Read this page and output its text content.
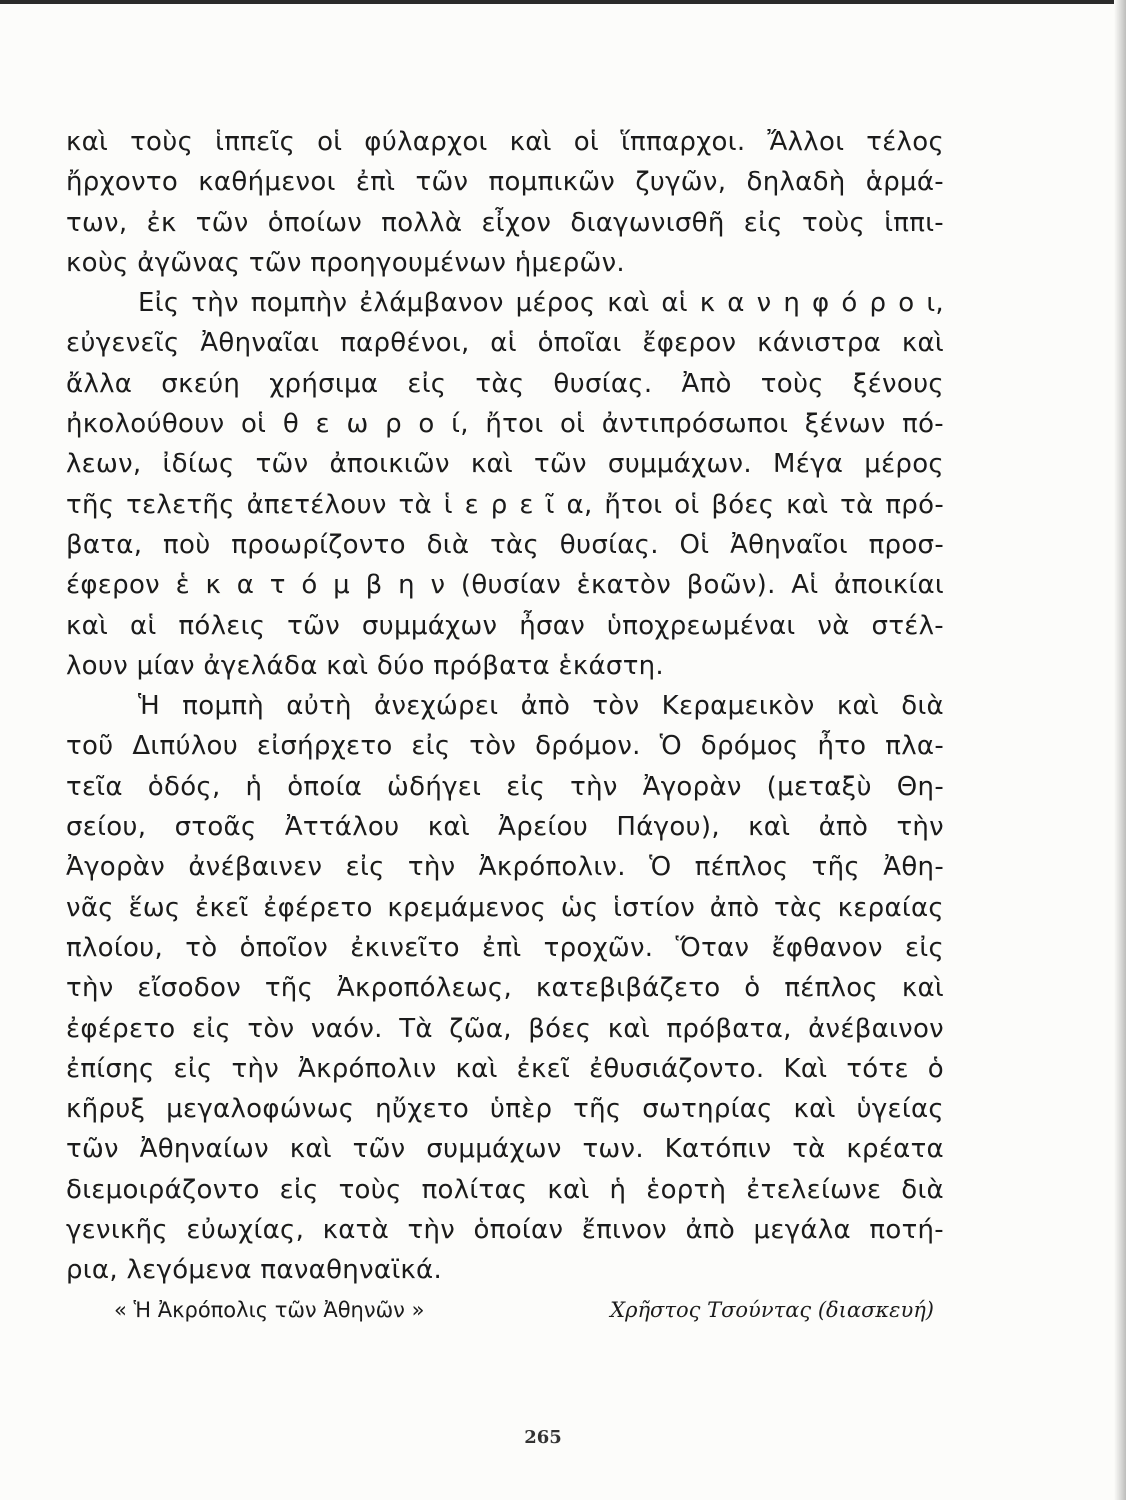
καὶ τοὺς ἱππεῖς οἱ φύλαρχοι καὶ οἱ ἵππαρχοι. Ἄλλοι τέλος
ἤρχοντο καθήμενοι ἐπὶ τῶν πομπικῶν ζυγῶν, δηλαδὴ ἁρμά-
των, ἐκ τῶν ὁποίων πολλὰ εἶχον διαγωνισθῆ εἰς τοὺς ἱππι-
κοὺς ἀγῶνας τῶν προηγουμένων ἡμερῶν.
Εἰς τὴν πομπὴν ἐλάμβανον μέρος καὶ αἱ κ α ν η φ ό ρ ο ι,
εὐγενεῖς Ἀθηναῖαι παρθένοι, αἱ ὁποῖαι ἔφερον κάνιστρα καὶ
ἄλλα σκεύη χρήσιμα εἰς τὰς θυσίας. Ἀπὸ τοὺς ξένους
ἠκολούθουν οἱ θ ε ω ρ ο ί, ἤτοι οἱ ἀντιπρόσωποι ξένων πό-
λεων, ἰδίως τῶν ἀποικιῶν καὶ τῶν συμμάχων. Μέγα μέρος
τῆς τελετῆς ἀπετέλουν τὰ ἱ ε ρ ε ῖ α, ἤτοι οἱ βόες καὶ τὰ πρό-
βατα, ποὺ προωρίζοντο διὰ τὰς θυσίας. Οἱ Ἀθηναῖοι προσ-
έφερον ἑ κ α τ ό μ β η ν (θυσίαν ἑκατὸν βοῶν). Αἱ ἀποικίαι
καὶ αἱ πόλεις τῶν συμμάχων ἦσαν ὑποχρεωμέναι νὰ στέλ-
λουν μίαν ἀγελάδα καὶ δύο πρόβατα ἑκάστη.
Ἡ πομπὴ αὐτὴ ἀνεχώρει ἀπὸ τὸν Κεραμεικὸν καὶ διὰ
τοῦ Διπύλου εἰσήρχετο εἰς τὸν δρόμον. Ὁ δρόμος ἦτο πλα-
τεῖα ὁδός, ἡ ὁποία ὡδήγει εἰς τὴν Ἀγορὰν (μεταξὺ Θη-
σείου, στοᾶς Ἀττάλου καὶ Ἀρείου Πάγου), καὶ ἀπὸ τὴν
Ἀγορὰν ἀνέβαινεν εἰς τὴν Ἀκρόπολιν. Ὁ πέπλος τῆς Ἀθη-
νᾶς ἕως ἐκεῖ ἐφέρετο κρεμάμενος ὡς ἱστίον ἀπὸ τὰς κεραίας
πλοίου, τὸ ὁποῖον ἐκινεῖτο ἐπὶ τροχῶν. Ὅταν ἔφθανον εἰς
τὴν εἴσοδον τῆς Ἀκροπόλεως, κατεβιβάζετο ὁ πέπλος καὶ
ἐφέρετο εἰς τὸν ναόν. Τὰ ζῶα, βόες καὶ πρόβατα, ἀνέβαινον
ἐπίσης εἰς τὴν Ἀκρόπολιν καὶ ἐκεῖ ἐθυσιάζοντο. Καὶ τότε ὁ
κῆρυξ μεγαλοφώνως ηὔχετο ὑπὲρ τῆς σωτηρίας καὶ ὑγείας
τῶν Ἀθηναίων καὶ τῶν συμμάχων των. Κατόπιν τὰ κρέατα
διεμοιράζοντο εἰς τοὺς πολίτας καὶ ἡ ἑορτὴ ἐτελείωνε διὰ
γενικῆς εὐωχίας, κατὰ τὴν ὁποίαν ἔπινον ἀπὸ μεγάλα ποτή-
ρια, λεγόμενα παναθηναϊκά.
« Ἡ Ἀκρόπολις τῶν Ἀθηνῶν »	Χρῆστος Τσούντας (διασκευή)
265
